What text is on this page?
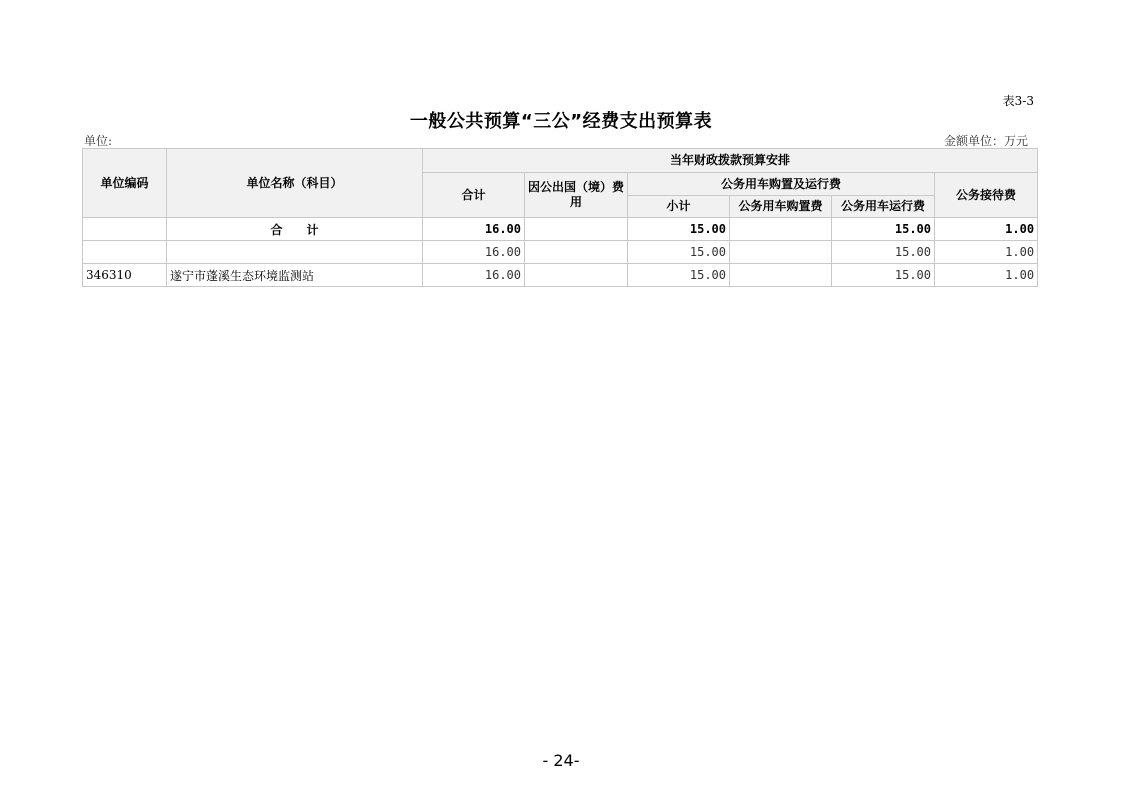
表3-3
一般公共预算“三公”经费支出预算表
单位:	金额单位：万元
单位编码	单位名称（科目）	当年财政拨款预算安排					
		合计	因公出国（境）费用	公务用车购置及运行费			公务接待费
				小计	公务用车购置费	公务用车运行费	
	合　　计	16.00		15.00		15.00	1.00
		16.00		15.00		15.00	1.00
346310	遂宁市蓬溪生态环境监测站	16.00		15.00		15.00	1.00
- 24-
